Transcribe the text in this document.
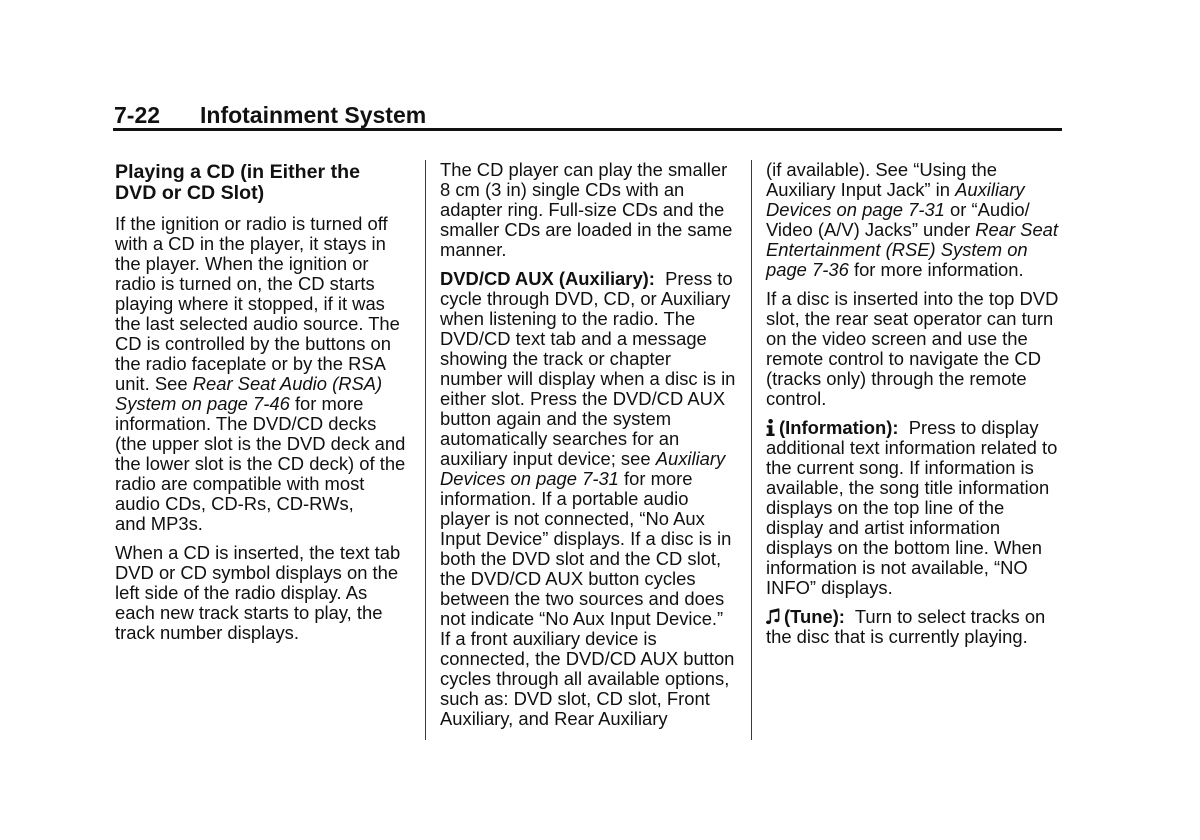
7-22 Infotainment System
Playing a CD (in Either the
DVD or CD Slot)
If the ignition or radio is turned off
with a CD in the player, it stays in
the player. When the ignition or
radio is turned on, the CD starts
playing where it stopped, if it was
the last selected audio source. The
CD is controlled by the buttons on
the radio faceplate or by the RSA
unit. See Rear Seat Audio (RSA)
System on page 7-46 for more
information. The DVD/CD decks
(the upper slot is the DVD deck and
the lower slot is the CD deck) of the
radio are compatible with most
audio CDs, CD-Rs, CD-RWs,
and MP3s.
When a CD is inserted, the text tab
DVD or CD symbol displays on the
left side of the radio display. As
each new track starts to play, the
track number displays.
The CD player can play the smaller
8 cm (3 in) single CDs with an
adapter ring. Full-size CDs and the
smaller CDs are loaded in the same
manner.
DVD/CD AUX (Auxiliary):  Press to
cycle through DVD, CD, or Auxiliary
when listening to the radio. The
DVD/CD text tab and a message
showing the track or chapter
number will display when a disc is in
either slot. Press the DVD/CD AUX
button again and the system
automatically searches for an
auxiliary input device; see Auxiliary
Devices on page 7-31 for more
information. If a portable audio
player is not connected, “No Aux
Input Device” displays. If a disc is in
both the DVD slot and the CD slot,
the DVD/CD AUX button cycles
between the two sources and does
not indicate “No Aux Input Device.”
If a front auxiliary device is
connected, the DVD/CD AUX button
cycles through all available options,
such as: DVD slot, CD slot, Front
Auxiliary, and Rear Auxiliary
(if available). See “Using the
Auxiliary Input Jack” in Auxiliary
Devices on page 7-31 or “Audio/
Video (A/V) Jacks” under Rear Seat
Entertainment (RSE) System on
page 7-36 for more information.
If a disc is inserted into the top DVD
slot, the rear seat operator can turn
on the video screen and use the
remote control to navigate the CD
(tracks only) through the remote
control.
(Information):  Press to display
additional text information related to
the current song. If information is
available, the song title information
displays on the top line of the
display and artist information
displays on the bottom line. When
information is not available, “NO
INFO” displays.
(Tune):  Turn to select tracks on
the disc that is currently playing.
